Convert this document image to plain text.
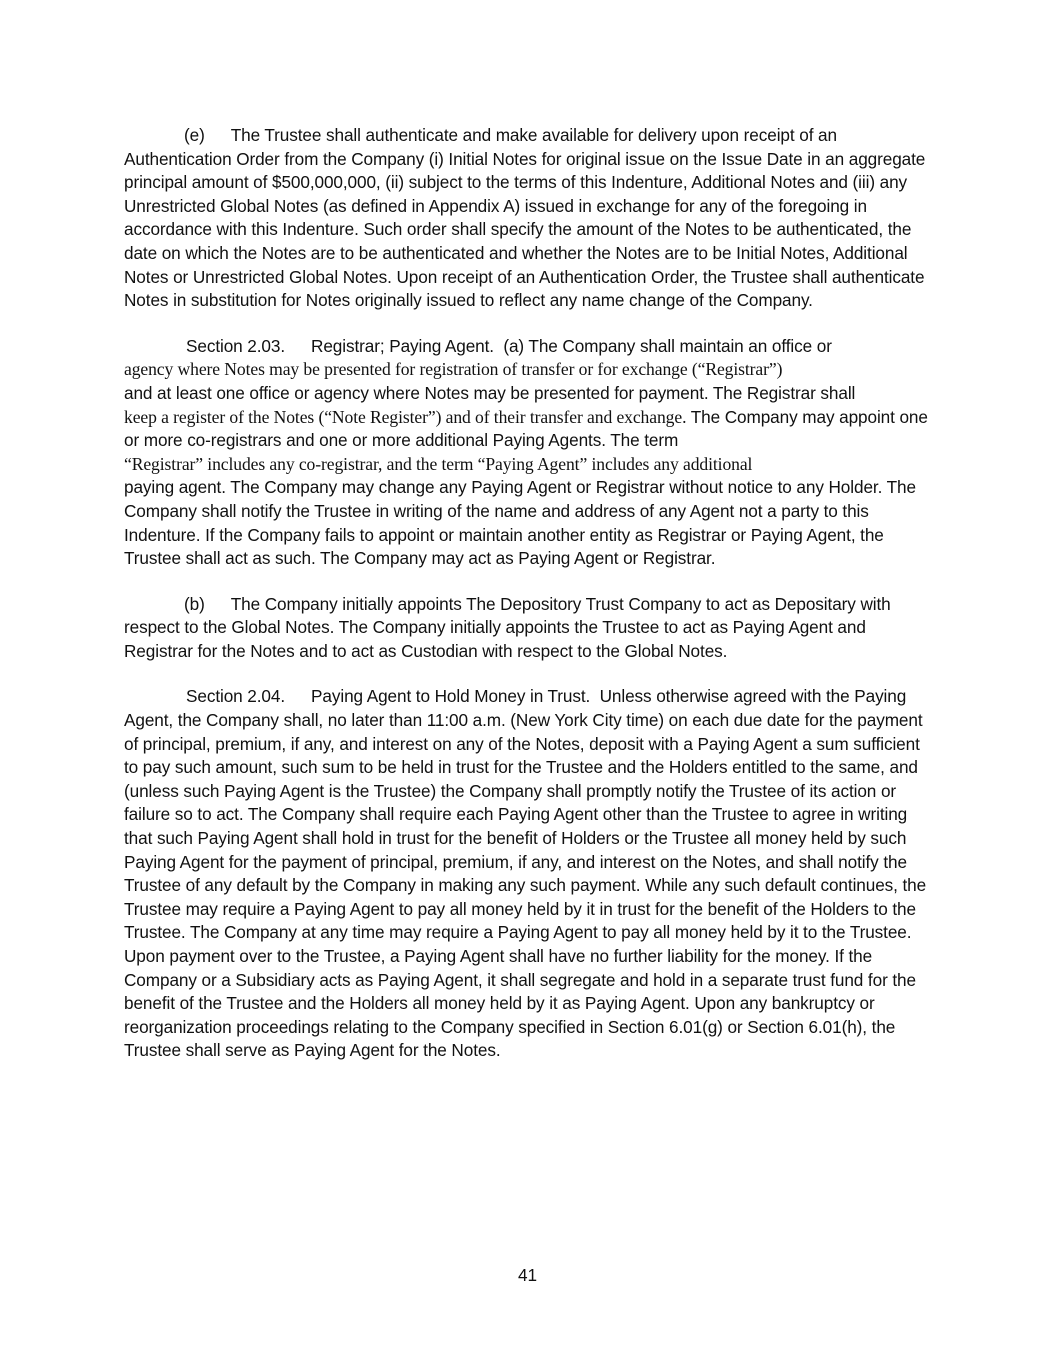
(e) The Trustee shall authenticate and make available for delivery upon receipt of an Authentication Order from the Company (i) Initial Notes for original issue on the Issue Date in an aggregate principal amount of $500,000,000, (ii) subject to the terms of this Indenture, Additional Notes and (iii) any Unrestricted Global Notes (as defined in Appendix A) issued in exchange for any of the foregoing in accordance with this Indenture. Such order shall specify the amount of the Notes to be authenticated, the date on which the Notes are to be authenticated and whether the Notes are to be Initial Notes, Additional Notes or Unrestricted Global Notes. Upon receipt of an Authentication Order, the Trustee shall authenticate Notes in substitution for Notes originally issued to reflect any name change of the Company.

Section 2.03. Registrar; Paying Agent. (a) The Company shall maintain an office or
agency where Notes may be presented for registration of transfer or for exchange (“Registrar”)
and at least one office or agency where Notes may be presented for payment. The Registrar shall
keep a register of the Notes (“Note Register”) and of their transfer and exchange. The Company may appoint one or more co-registrars and one or more additional Paying Agents. The term
“Registrar” includes any co-registrar, and the term “Paying Agent” includes any additional
paying agent. The Company may change any Paying Agent or Registrar without notice to any Holder. The Company shall notify the Trustee in writing of the name and address of any Agent not a party to this Indenture. If the Company fails to appoint or maintain another entity as Registrar or Paying Agent, the Trustee shall act as such. The Company may act as Paying Agent or Registrar.

(b) The Company initially appoints The Depository Trust Company to act as Depositary with respect to the Global Notes. The Company initially appoints the Trustee to act as Paying Agent and Registrar for the Notes and to act as Custodian with respect to the Global Notes.

Section 2.04. Paying Agent to Hold Money in Trust. Unless otherwise agreed with the Paying Agent, the Company shall, no later than 11:00 a.m. (New York City time) on each due date for the payment of principal, premium, if any, and interest on any of the Notes, deposit with a Paying Agent a sum sufficient to pay such amount, such sum to be held in trust for the Trustee and the Holders entitled to the same, and (unless such Paying Agent is the Trustee) the Company shall promptly notify the Trustee of its action or failure so to act. The Company shall require each Paying Agent other than the Trustee to agree in writing that such Paying Agent shall hold in trust for the benefit of Holders or the Trustee all money held by such Paying Agent for the payment of principal, premium, if any, and interest on the Notes, and shall notify the Trustee of any default by the Company in making any such payment. While any such default continues, the Trustee may require a Paying Agent to pay all money held by it in trust for the benefit of the Holders to the Trustee. The Company at any time may require a Paying Agent to pay all money held by it to the Trustee. Upon payment over to the Trustee, a Paying Agent shall have no further liability for the money. If the Company or a Subsidiary acts as Paying Agent, it shall segregate and hold in a separate trust fund for the benefit of the Trustee and the Holders all money held by it as Paying Agent. Upon any bankruptcy or reorganization proceedings relating to the Company specified in Section 6.01(g) or Section 6.01(h), the Trustee shall serve as Paying Agent for the Notes.

41
